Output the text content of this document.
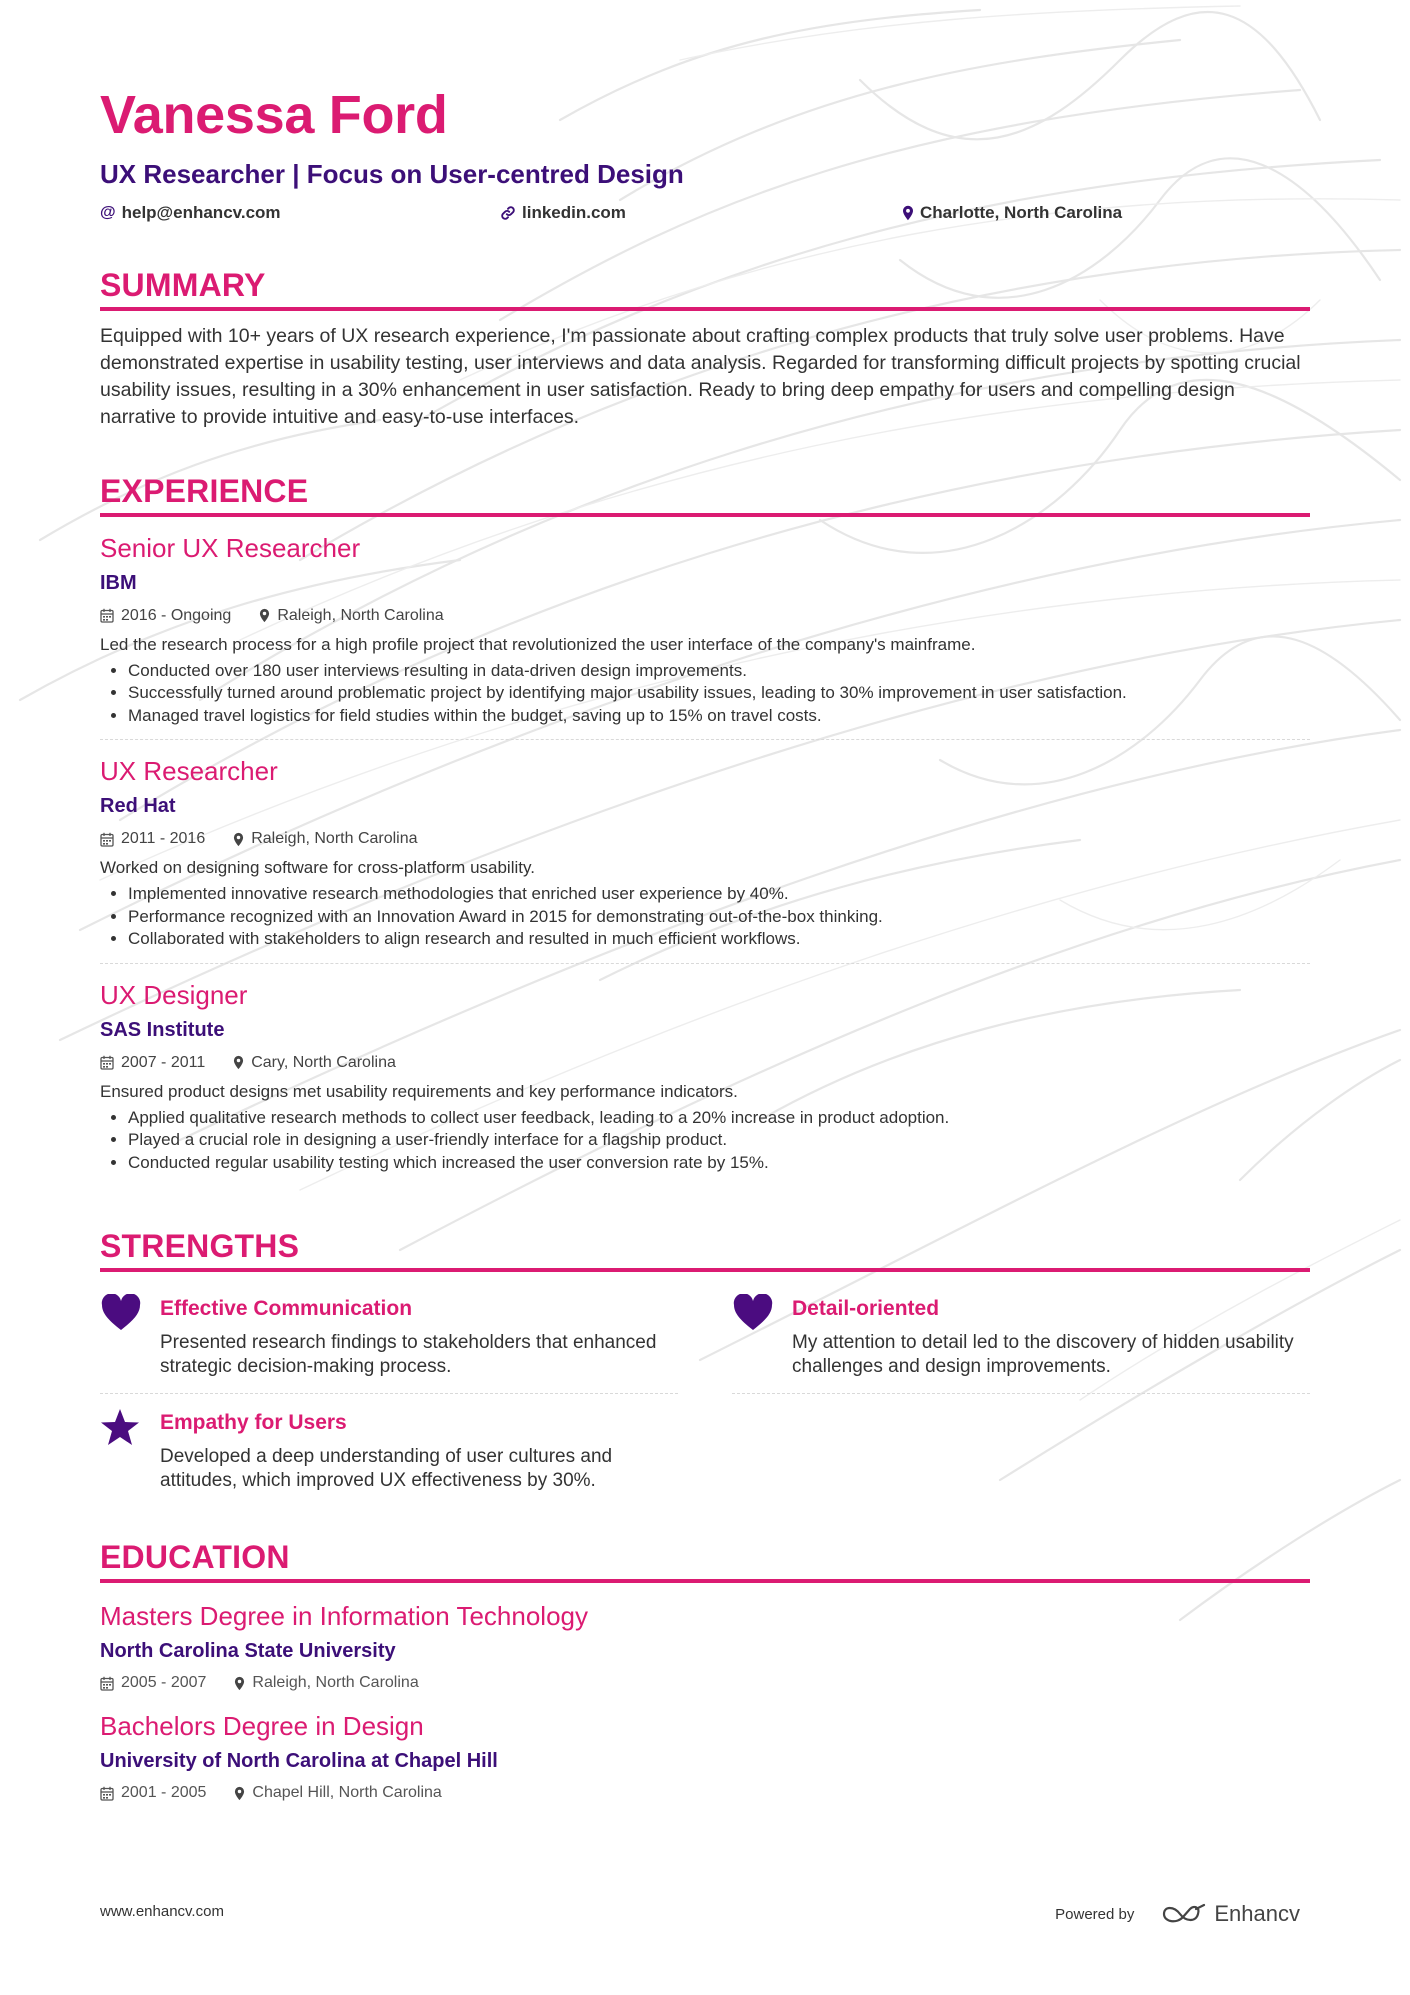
Vanessa Ford
UX Researcher | Focus on User-centred Design
@ help@enhancv.com	linkedin.com	Charlotte, North Carolina
SUMMARY
Equipped with 10+ years of UX research experience, I'm passionate about crafting complex products that truly solve user problems. Have demonstrated expertise in usability testing, user interviews and data analysis. Regarded for transforming difficult projects by spotting crucial usability issues, resulting in a 30% enhancement in user satisfaction. Ready to bring deep empathy for users and compelling design narrative to provide intuitive and easy-to-use interfaces.
EXPERIENCE
Senior UX Researcher
IBM
2016 - Ongoing	Raleigh, North Carolina
Led the research process for a high profile project that revolutionized the user interface of the company's mainframe.
• Conducted over 180 user interviews resulting in data-driven design improvements.
• Successfully turned around problematic project by identifying major usability issues, leading to 30% improvement in user satisfaction.
• Managed travel logistics for field studies within the budget, saving up to 15% on travel costs.
UX Researcher
Red Hat
2011 - 2016	Raleigh, North Carolina
Worked on designing software for cross-platform usability.
• Implemented innovative research methodologies that enriched user experience by 40%.
• Performance recognized with an Innovation Award in 2015 for demonstrating out-of-the-box thinking.
• Collaborated with stakeholders to align research and resulted in much efficient workflows.
UX Designer
SAS Institute
2007 - 2011	Cary, North Carolina
Ensured product designs met usability requirements and key performance indicators.
• Applied qualitative research methods to collect user feedback, leading to a 20% increase in product adoption.
• Played a crucial role in designing a user-friendly interface for a flagship product.
• Conducted regular usability testing which increased the user conversion rate by 15%.
STRENGTHS
Effective Communication
Presented research findings to stakeholders that enhanced strategic decision-making process.
Detail-oriented
My attention to detail led to the discovery of hidden usability challenges and design improvements.
Empathy for Users
Developed a deep understanding of user cultures and attitudes, which improved UX effectiveness by 30%.
EDUCATION
Masters Degree in Information Technology
North Carolina State University
2005 - 2007	Raleigh, North Carolina
Bachelors Degree in Design
University of North Carolina at Chapel Hill
2001 - 2005	Chapel Hill, North Carolina
www.enhancv.com	Powered by	Enhancv
